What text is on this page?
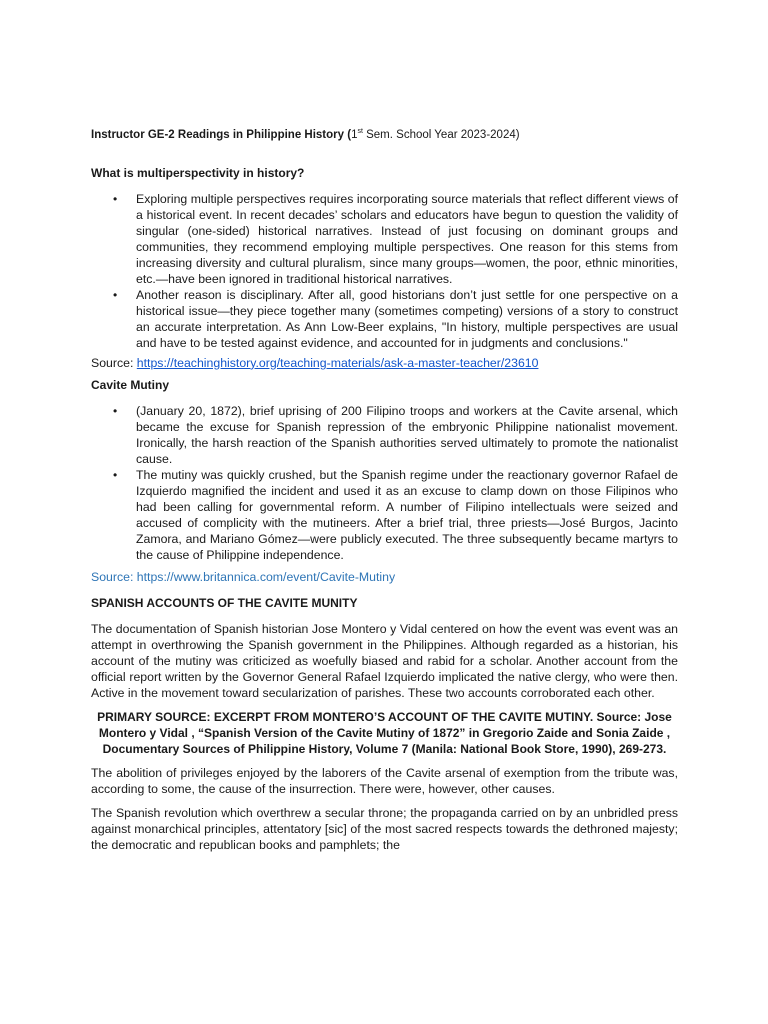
Instructor GE-2 Readings in Philippine History (1st Sem. School Year 2023-2024)
What is multiperspectivity in history?
• Exploring multiple perspectives requires incorporating source materials that reflect different views of a historical event. In recent decades’ scholars and educators have begun to question the validity of singular (one-sided) historical narratives. Instead of just focusing on dominant groups and communities, they recommend employing multiple perspectives. One reason for this stems from increasing diversity and cultural pluralism, since many groups—women, the poor, ethnic minorities, etc.—have been ignored in traditional historical narratives.
• Another reason is disciplinary. After all, good historians don’t just settle for one perspective on a historical issue—they piece together many (sometimes competing) versions of a story to construct an accurate interpretation. As Ann Low-Beer explains, "In history, multiple perspectives are usual and have to be tested against evidence, and accounted for in judgments and conclusions."
Source: https://teachinghistory.org/teaching-materials/ask-a-master-teacher/23610
Cavite Mutiny
• (January 20, 1872), brief uprising of 200 Filipino troops and workers at the Cavite arsenal, which became the excuse for Spanish repression of the embryonic Philippine nationalist movement. Ironically, the harsh reaction of the Spanish authorities served ultimately to promote the nationalist cause.
• The mutiny was quickly crushed, but the Spanish regime under the reactionary governor Rafael de Izquierdo magnified the incident and used it as an excuse to clamp down on those Filipinos who had been calling for governmental reform. A number of Filipino intellectuals were seized and accused of complicity with the mutineers. After a brief trial, three priests—José Burgos, Jacinto Zamora, and Mariano Gómez—were publicly executed. The three subsequently became martyrs to the cause of Philippine independence.
Source: https://www.britannica.com/event/Cavite-Mutiny
SPANISH ACCOUNTS OF THE CAVITE MUNITY

The documentation of Spanish historian Jose Montero y Vidal centered on how the event was event was an attempt in overthrowing the Spanish government in the Philippines. Although regarded as a historian, his account of the mutiny was criticized as woefully biased and rabid for a scholar. Another account from the official report written by the Governor General Rafael Izquierdo implicated the native clergy, who were then. Active in the movement toward secularization of parishes. These two accounts corroborated each other.

PRIMARY SOURCE: EXCERPT FROM MONTERO’S ACCOUNT OF THE CAVITE MUTINY. Source: Jose Montero y Vidal , “Spanish Version of the Cavite Mutiny of 1872” in Gregorio Zaide and Sonia Zaide , Documentary Sources of Philippine History, Volume 7 (Manila: National Book Store, 1990), 269-273.

The abolition of privileges enjoyed by the laborers of the Cavite arsenal of exemption from the tribute was, according to some, the cause of the insurrection. There were, however, other causes.

The Spanish revolution which overthrew a secular throne; the propaganda carried on by an unbridled press against monarchical principles, attentatory [sic] of the most sacred respects towards the dethroned majesty; the democratic and republican books and pamphlets; the
